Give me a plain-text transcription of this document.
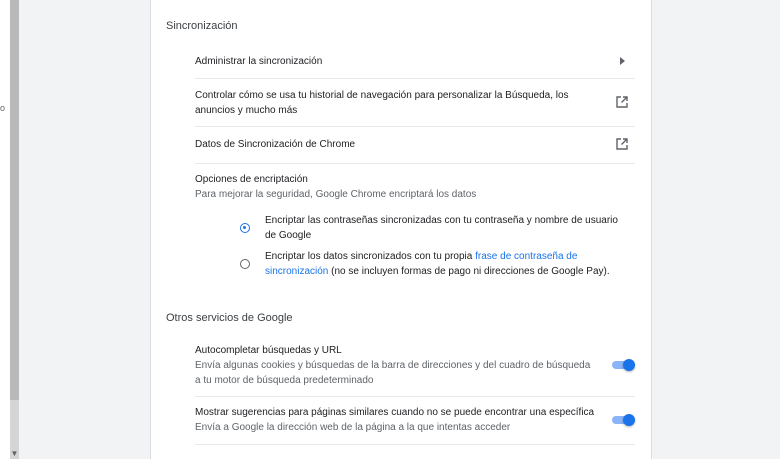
o
▼
Sincronización
Administrar la sincronización
Controlar cómo se usa tu historial de navegación para personalizar la Búsqueda, los anuncios y mucho más
Datos de Sincronización de Chrome
Opciones de encriptación
Para mejorar la seguridad, Google Chrome encriptará los datos
Encriptar las contraseñas sincronizadas con tu contraseña y nombre de usuario de Google
Encriptar los datos sincronizados con tu propia frase de contraseña de sincronización (no se incluyen formas de pago ni direcciones de Google Pay).
Otros servicios de Google
Autocompletar búsquedas y URL
Envía algunas cookies y búsquedas de la barra de direcciones y del cuadro de búsqueda a tu motor de búsqueda predeterminado
Mostrar sugerencias para páginas similares cuando no se puede encontrar una específica
Envía a Google la dirección web de la página a la que intentas acceder
